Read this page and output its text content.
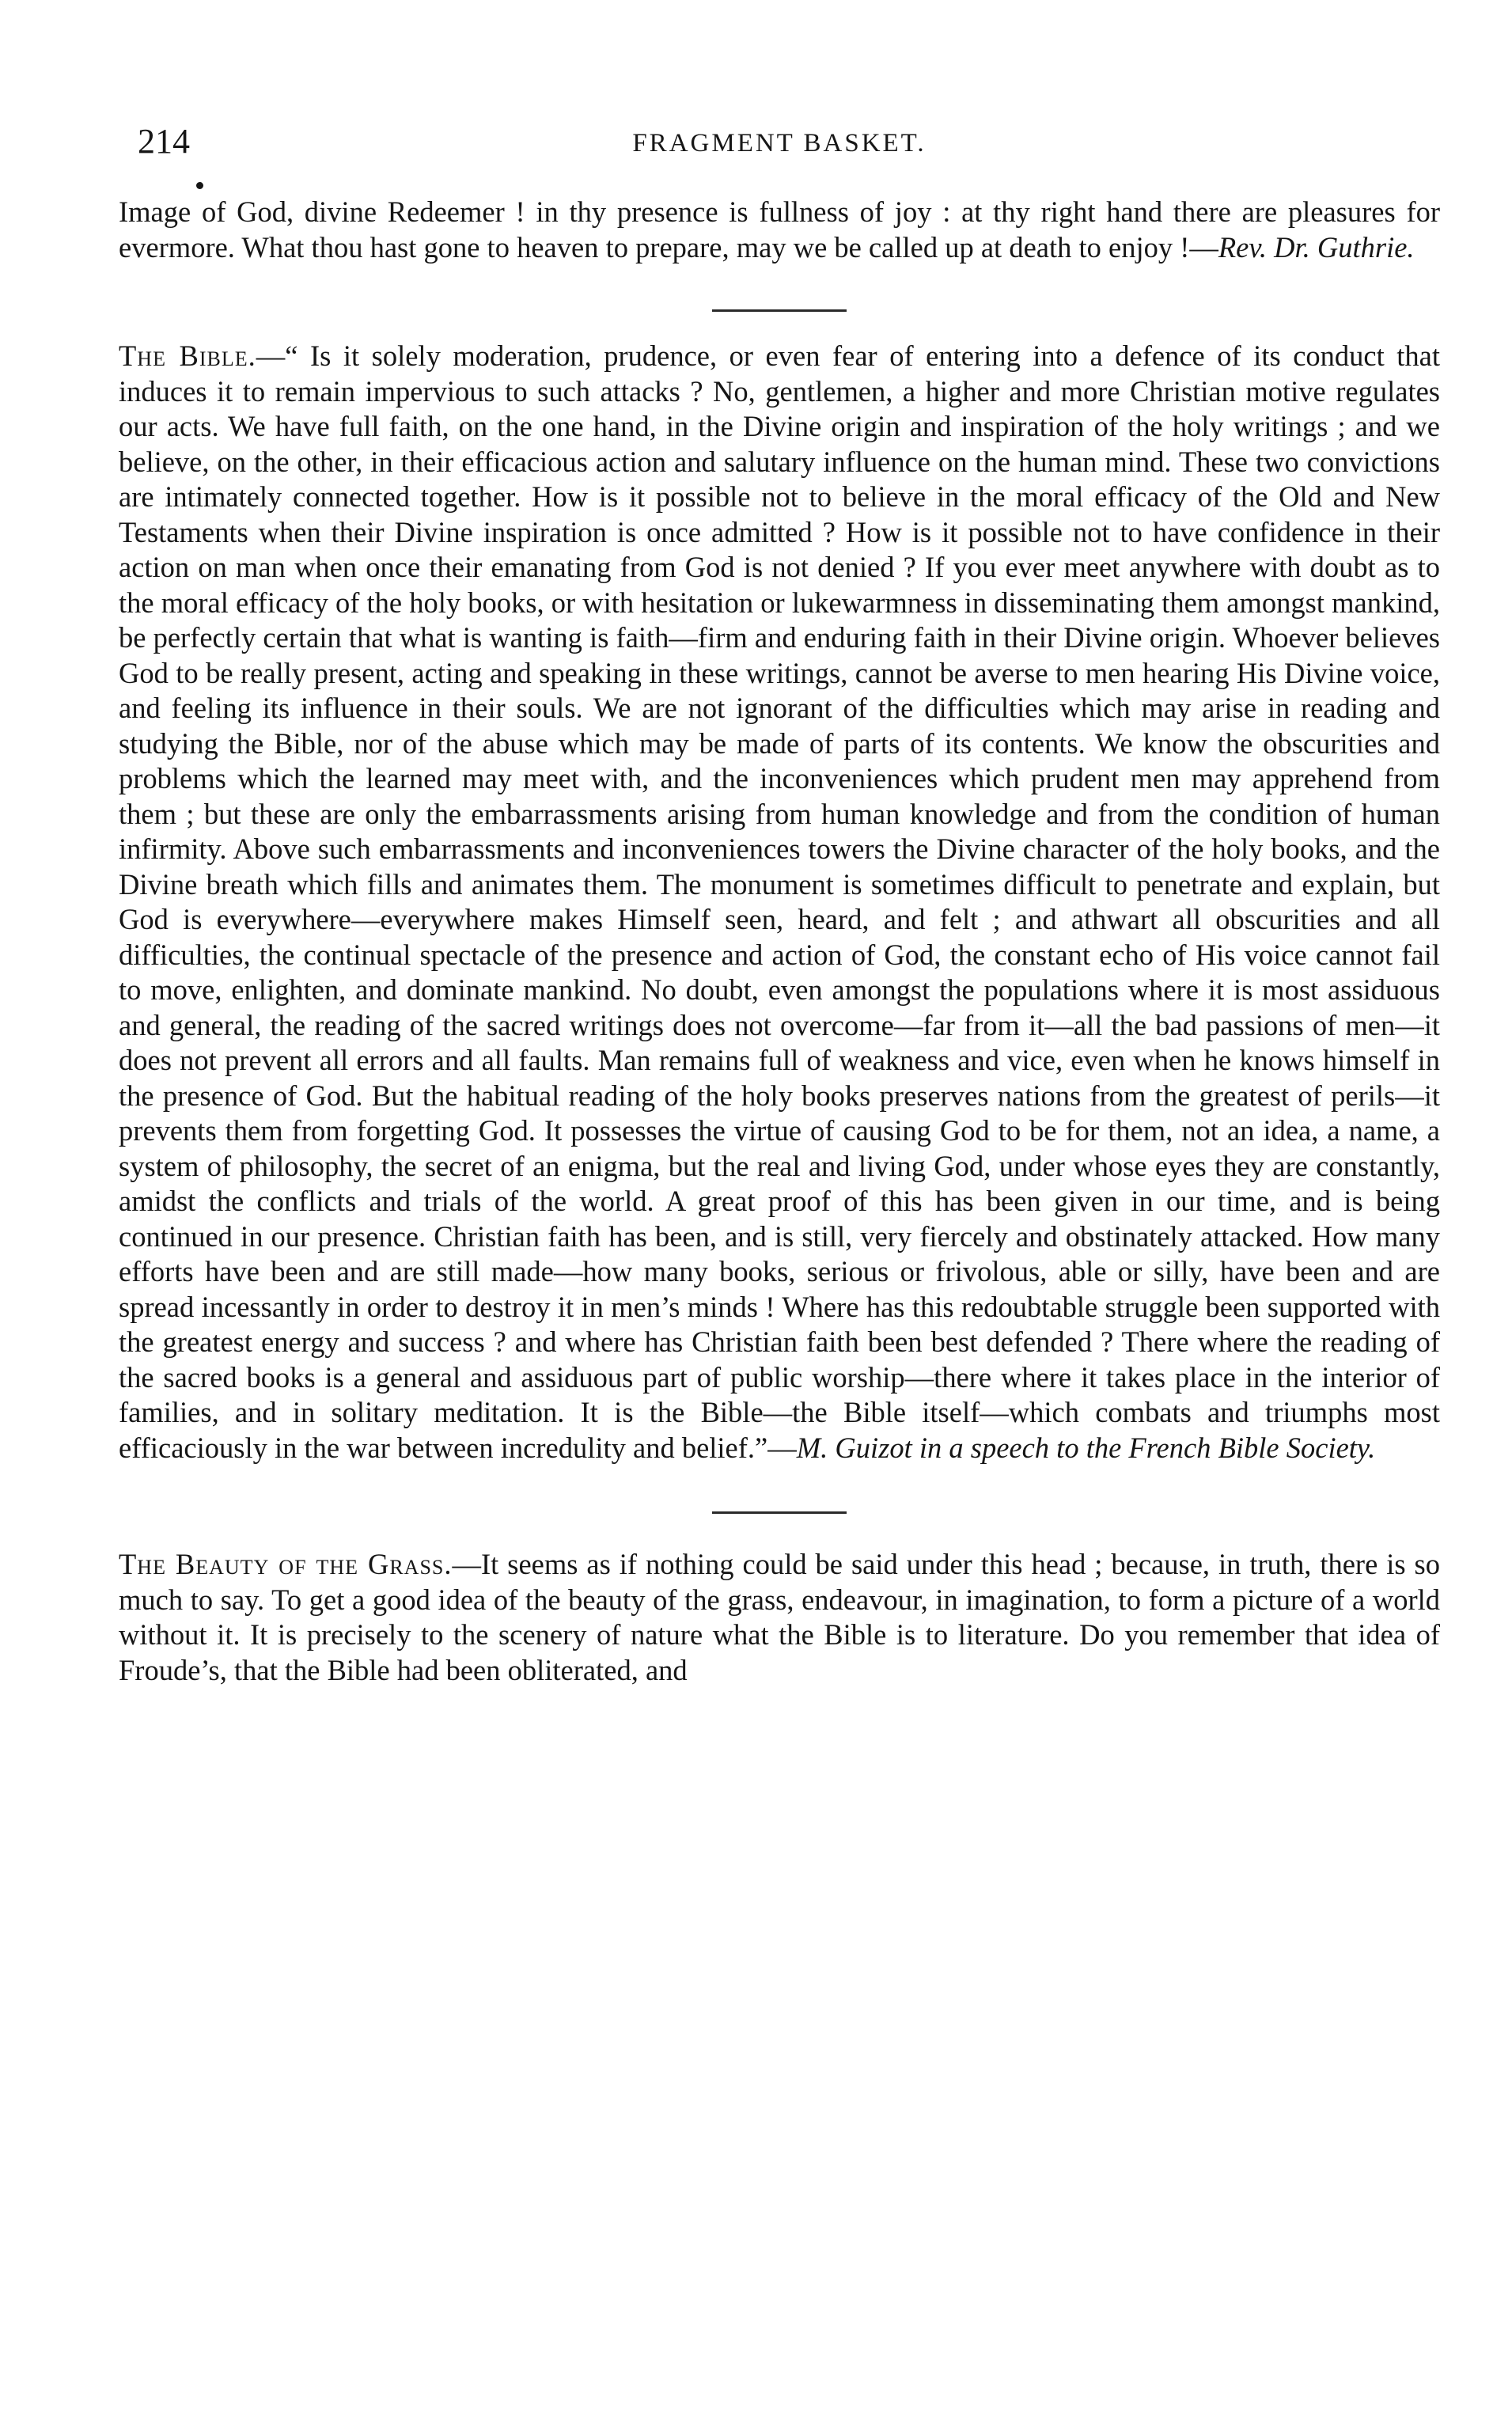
214	FRAGMENT BASKET.

Image of God, divine Redeemer ! in thy presence is fullness of joy : at thy right hand there are pleasures for evermore. What thou hast gone to heaven to prepare, may we be called up at death to enjoy !—Rev. Dr. Guthrie.

The Bible.—“ Is it solely moderation, prudence, or even fear of entering into a defence of its conduct that induces it to remain impervious to such attacks ? No, gentlemen, a higher and more Christian motive regulates our acts. We have full faith, on the one hand, in the Divine origin and inspiration of the holy writings ; and we believe, on the other, in their efficacious action and salutary influence on the human mind. These two convictions are intimately connected together. How is it possible not to believe in the moral efficacy of the Old and New Testaments when their Divine inspiration is once admitted ? How is it possible not to have confidence in their action on man when once their emanating from God is not denied ? If you ever meet anywhere with doubt as to the moral efficacy of the holy books, or with hesitation or lukewarmness in disseminating them amongst mankind, be perfectly certain that what is wanting is faith—firm and enduring faith in their Divine origin. Whoever believes God to be really present, acting and speaking in these writings, cannot be averse to men hearing His Divine voice, and feeling its influence in their souls. We are not ignorant of the difficulties which may arise in reading and studying the Bible, nor of the abuse which may be made of parts of its contents. We know the obscurities and problems which the learned may meet with, and the inconveniences which prudent men may apprehend from them ; but these are only the embarrassments arising from human knowledge and from the condition of human infirmity. Above such embarrassments and inconveniences towers the Divine character of the holy books, and the Divine breath which fills and animates them. The monument is sometimes difficult to penetrate and explain, but God is everywhere—everywhere makes Himself seen, heard, and felt ; and athwart all obscurities and all difficulties, the continual spectacle of the presence and action of God, the constant echo of His voice cannot fail to move, enlighten, and dominate mankind. No doubt, even amongst the populations where it is most assiduous and general, the reading of the sacred writings does not overcome—far from it—all the bad passions of men—it does not prevent all errors and all faults. Man remains full of weakness and vice, even when he knows himself in the presence of God. But the habitual reading of the holy books preserves nations from the greatest of perils—it prevents them from forgetting God. It possesses the virtue of causing God to be for them, not an idea, a name, a system of philosophy, the secret of an enigma, but the real and living God, under whose eyes they are constantly, amidst the conflicts and trials of the world. A great proof of this has been given in our time, and is being continued in our presence. Christian faith has been, and is still, very fiercely and obstinately attacked. How many efforts have been and are still made—how many books, serious or frivolous, able or silly, have been and are spread incessantly in order to destroy it in men’s minds ! Where has this redoubtable struggle been supported with the greatest energy and success ? and where has Christian faith been best defended ? There where the reading of the sacred books is a general and assiduous part of public worship—there where it takes place in the interior of families, and in solitary meditation. It is the Bible—the Bible itself—which combats and triumphs most efficaciously in the war between incredulity and belief.”—M. Guizot in a speech to the French Bible Society.

The Beauty of the Grass.—It seems as if nothing could be said under this head ; because, in truth, there is so much to say. To get a good idea of the beauty of the grass, endeavour, in imagination, to form a picture of a world without it. It is precisely to the scenery of nature what the Bible is to literature. Do you remember that idea of Froude’s, that the Bible had been obliterated, and
